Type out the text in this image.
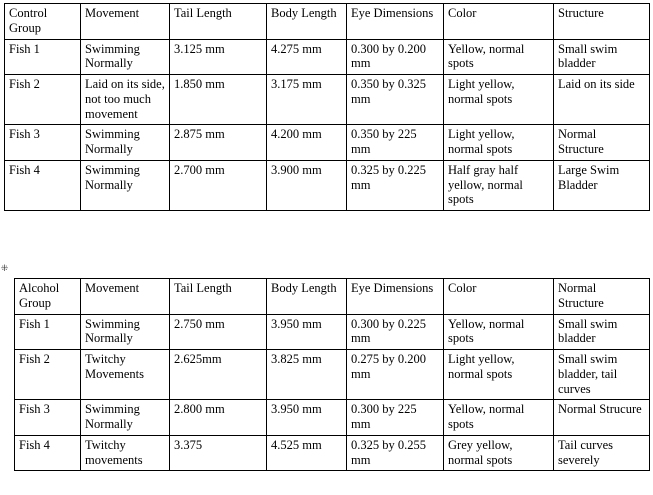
Control Group	Movement	Tail Length	Body Length	Eye Dimensions	Color	Structure

Fish 1	Swimming Normally	3.125 mm	4.275 mm	0.300 by 0.200 mm	Yellow, normal spots	Small swim bladder

Fish 2	Laid on its side, not too much movement	1.850 mm	3.175 mm	0.350 by 0.325 mm	Light yellow, normal spots	Laid on its side

Fish 3	Swimming Normally	2.875 mm	4.200 mm	0.350 by 225 mm	Light yellow, normal spots	Normal Structure

Fish 4	Swimming Normally	2.700 mm	3.900 mm	0.325 by 0.225 mm	Half gray half yellow, normal spots	Large Swim Bladder
⁜
Alcohol Group	Movement	Tail Length	Body Length	Eye Dimensions	Color	Normal Structure

Fish 1	Swimming Normally	2.750 mm	3.950 mm	0.300 by 0.225 mm	Yellow, normal spots	Small swim bladder

Fish 2	Twitchy Movements	2.625mm	3.825 mm	0.275 by 0.200 mm	Light yellow, normal spots	Small swim bladder, tail curves

Fish 3	Swimming Normally	2.800 mm	3.950 mm	0.300 by 225 mm	Yellow, normal spots	Normal Strucure

Fish 4	Twitchy movements	3.375	4.525 mm	0.325 by 0.255 mm	Grey yellow, normal spots	Tail curves severely
